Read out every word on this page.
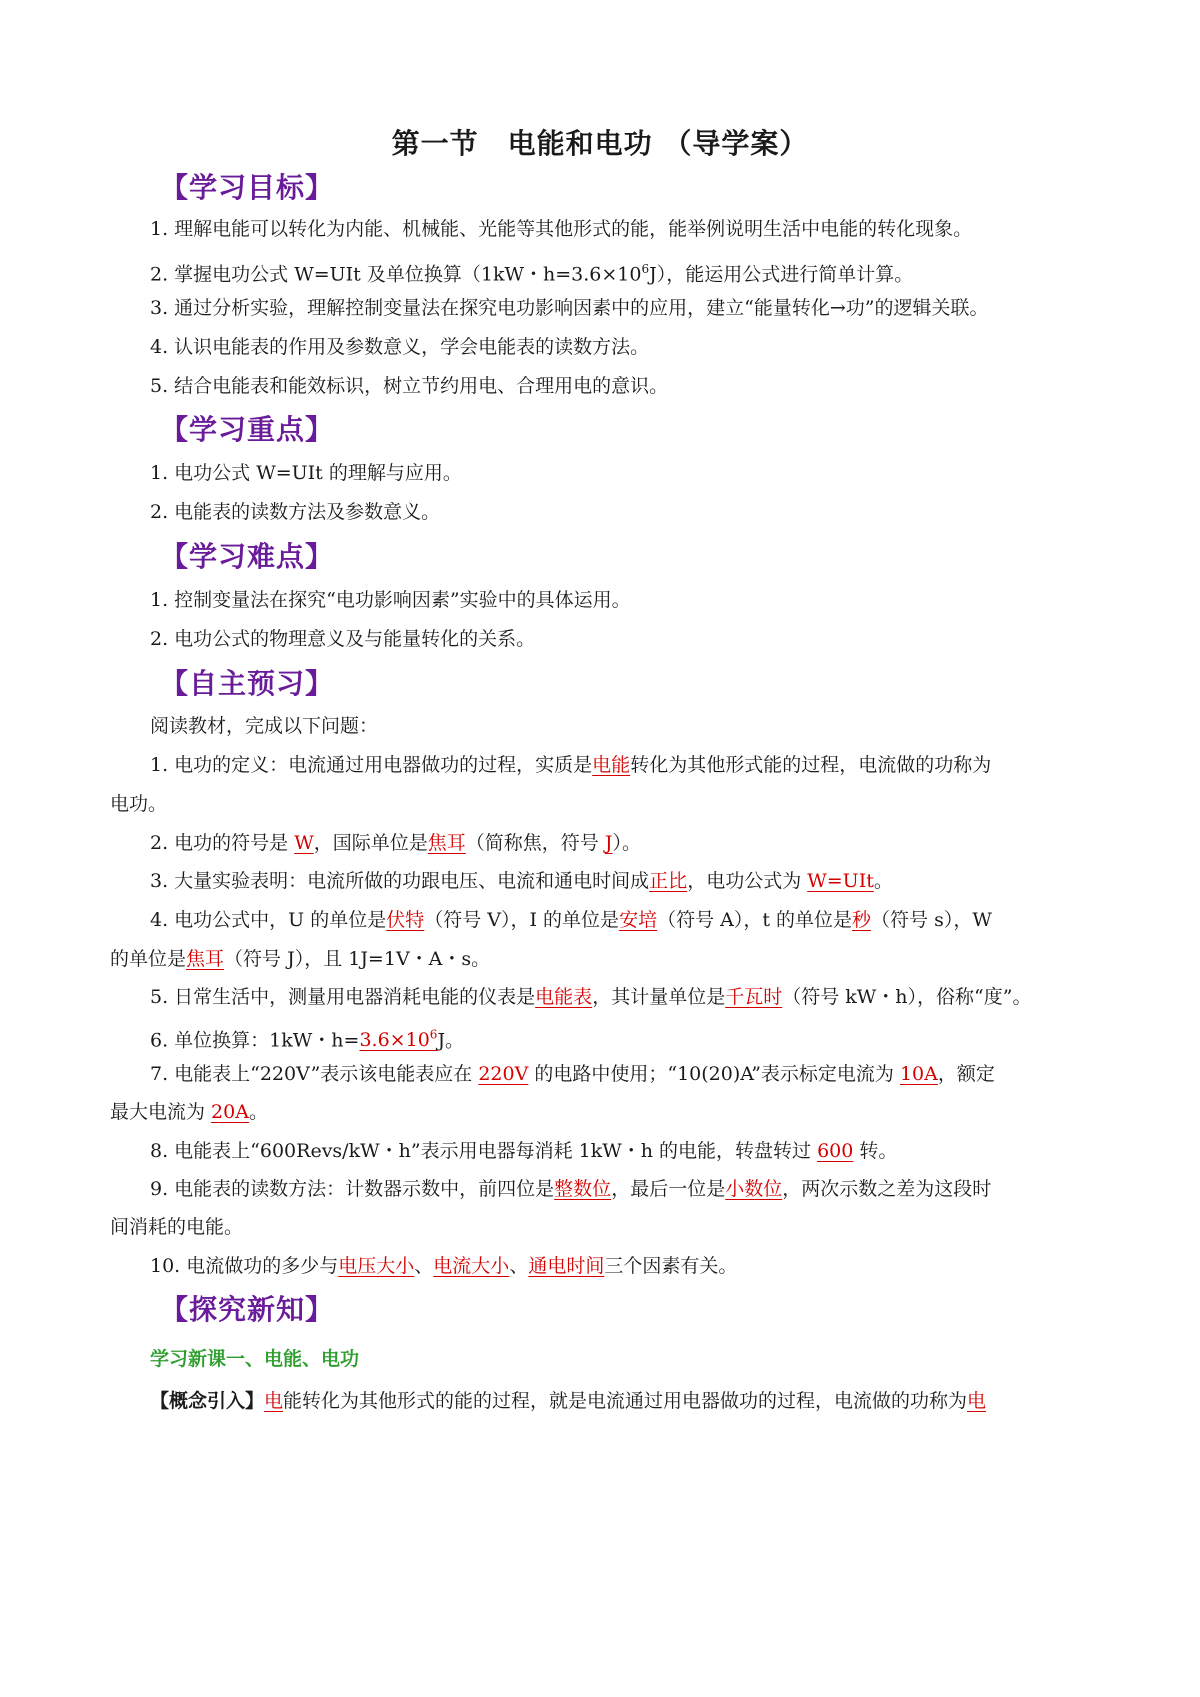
第一节　电能和电功 （导学案）
【学习目标】
1. 理解电能可以转化为内能、机械能、光能等其他形式的能，能举例说明生活中电能的转化现象。
2. 掌握电功公式 W=UIt 及单位换算（1kW・$h=3.6\times 10^6J$），能运用公式进行简单计算。
3. 通过分析实验，理解控制变量法在探究电功影响因素中的应用，建立“能量转化→功”的逻辑关联。
4. 认识电能表的作用及参数意义，学会电能表的读数方法。
5. 结合电能表和能效标识，树立节约用电、合理用电的意识。
【学习重点】
1. 电功公式 W=UIt 的理解与应用。
2. 电能表的读数方法及参数意义。
【学习难点】
1. 控制变量法在探究“电功影响因素”实验中的具体运用。
2. 电功公式的物理意义及与能量转化的关系。
【自主预习】
阅读教材，完成以下问题：
1. 电功的定义：电流通过用电器做功的过程，实质是电能转化为其他形式能的过程，电流做的功称为
电功。
2. 电功的符号是 W，国际单位是焦耳（简称焦，符号 J）。
3. 大量实验表明：电流所做的功跟电压、电流和通电时间成正比，电功公式为 W=UIt。
4. 电功公式中，U 的单位是伏特（符号 V），I 的单位是安培（符号 A），t 的单位是秒（符号 s），W
的单位是焦耳（符号 J），且 1J=1V・A・s。
5. 日常生活中，测量用电器消耗电能的仪表是电能表，其计量单位是千瓦时（符号 kW・h），俗称“度”。
6. 单位换算：1kW・$h=3.6\times 10^6J$。
7. 电能表上“220V”表示该电能表应在 220V 的电路中使用；“10(20)A”表示标定电流为 10A，额定
最大电流为 20A。
8. 电能表上“600Revs/kW・h”表示用电器每消耗 1kW・h 的电能，转盘转过 600 转。
9. 电能表的读数方法：计数器示数中，前四位是整数位，最后一位是小数位，两次示数之差为这段时
间消耗的电能。
10. 电流做功的多少与电压大小、电流大小、通电时间三个因素有关。
【探究新知】
学习新课一、电能、电功
【概念引入】电能转化为其他形式的能的过程，就是电流通过用电器做功的过程，电流做的功称为电
